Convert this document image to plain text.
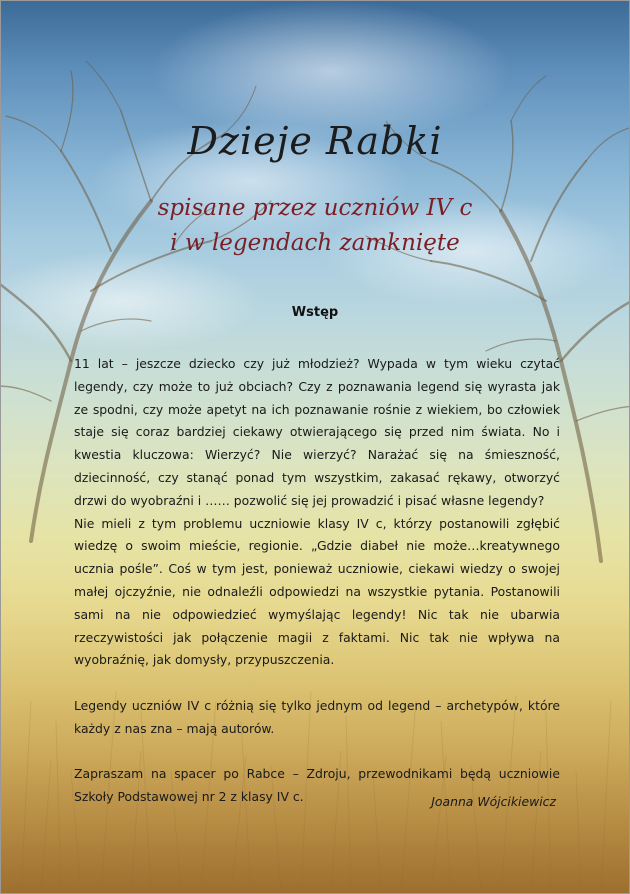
Dzieje Rabki
spisane przez uczniów IV c
i w legendach zamknięte
Wstęp

11 lat – jeszcze dziecko czy już młodzież? Wypada w tym wieku czytać legendy, czy może to już obciach? Czy z poznawania legend się wyrasta jak ze spodni, czy może apetyt na ich poznawanie rośnie z wiekiem, bo człowiek staje się coraz bardziej ciekawy otwierającego się przed nim świata. No i kwestia kluczowa: Wierzyć? Nie wierzyć? Narażać się na śmieszność, dziecinność, czy stanąć ponad tym wszystkim, zakasać rękawy, otworzyć drzwi do wyobraźni i …… pozwolić się jej prowadzić i pisać własne legendy?

Nie mieli z tym problemu uczniowie klasy IV c, którzy postanowili zgłębić wiedzę o swoim mieście, regionie. „Gdzie diabeł nie może…kreatywnego ucznia pośle”. Coś w tym jest, ponieważ uczniowie, ciekawi wiedzy o swojej małej ojczyźnie, nie odnaleźli odpowiedzi na wszystkie pytania. Postanowili sami na nie odpowiedzieć wymyślając legendy! Nic tak nie ubarwia rzeczywistości jak połączenie magii z faktami. Nic tak nie wpływa na wyobraźnię, jak domysły, przypuszczenia.

Legendy uczniów IV c różnią się tylko jednym od legend – archetypów, które każdy z nas zna – mają autorów.

Zapraszam na spacer po Rabce – Zdroju, przewodnikami będą uczniowie Szkoły Podstawowej nr 2 z klasy IV c.	Joanna Wójcikiewicz
